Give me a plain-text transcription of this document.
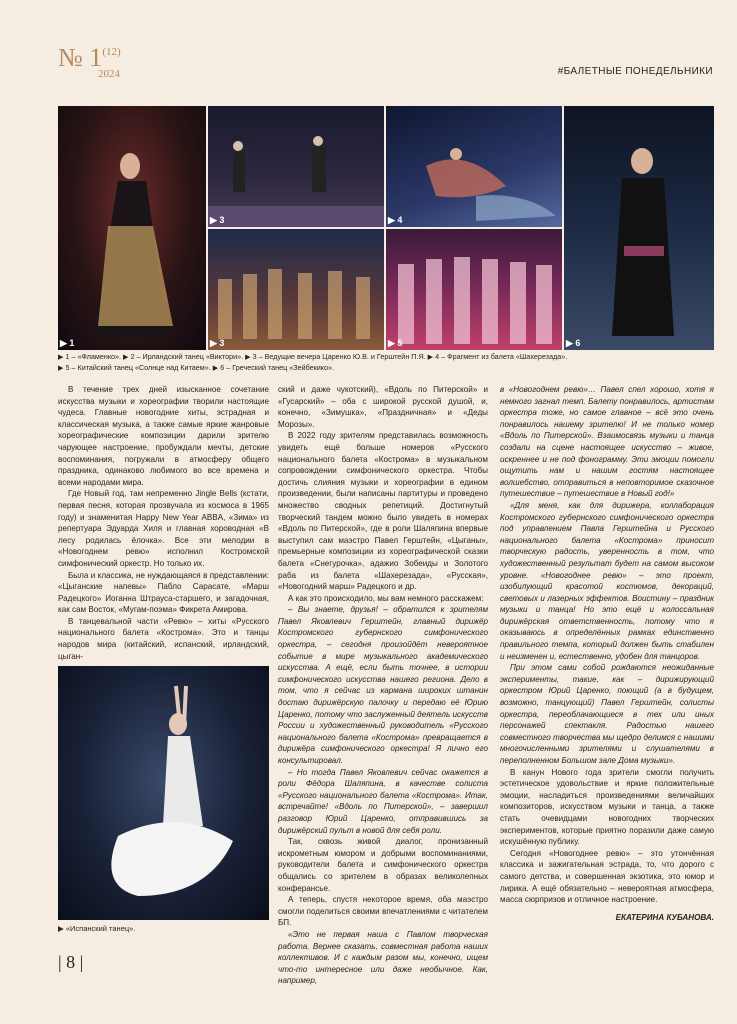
№ 1$^{(12)}$
2024	#БАЛЕТНЫЕ ПОНЕДЕЛЬНИКИ
▶ 1
▶ 3	▶ 4
▶ 6
▶ 3	▶ 5
▶ 1 – «Фламенко». ▶ 2 – Ирландский танец «Виктори». ▶ 3 – Ведущие вечера Царенко Ю.В. и Герштейн П.Я. ▶ 4 – Фрагмент из балета «Шахерезада».
▶ 5 – Китайский танец «Солнце над Китаем». ▶ 6 – Греческий танец «Зейбекико».

В течение трех дней изысканное сочетание искусства музыки и хореографии творили настоящие чудеса. Главные новогодние хиты, эстрадная и классическая музыка, а также самые яркие жанровые хореографические композиции дарили зрителю чарующее настроение, пробуждали мечты, детские воспоминания, погружали в атмосферу общего праздника, одинаково любимого во все времена и всеми народами мира.

Где Новый год, там непременно Jingle Bells (кстати, первая песня, которая прозвучала из космоса в 1965 году) и знаменитая Happy New Year ABBA, «Зима» из репертуара Эдуарда Хиля и главная хороводная «В лесу родилась ёлочка». Все эти мелодии в «Новогоднем ревю» исполнил Костромской симфонический оркестр. Но только их.

Была и классика, не нуждающаяся в представлении: «Цыганские напевы» Пабло Сарасате, «Марш Радецкого» Иоганна Штрауса-старшего, и загадочная, как сам Восток, «Мугам-поэма» Фикрета Амирова.

В танцевальной части «Ревю» – хиты «Русского национального балета «Кострома». Это и танцы народов мира (китайский, испанский, ирландский, цыган-

▶ «Испанский танец».

ский и даже чукотский), «Вдоль по Питерской» и «Гусарский» – оба с широкой русской душой, и, конечно, «Зимушка», «Праздничная» и «Деды Морозы».

В 2022 году зрителям представилась возможность увидеть ещё больше номеров «Русского национального балета «Кострома» в музыкальном сопровождении симфонического оркестра. Чтобы достичь слияния музыки и хореографии в едином произведении, были написаны партитуры и проведено множество сводных репетиций. Достигнутый творческий тандем можно было увидеть в номерах «Вдоль по Питерской», где в роли Шаляпина впервые выступил сам маэстро Павел Герштейн, «Цыганы», премьерные композиции из хореографической сказки балета «Снегурочка», адажио Зобеиды и Золотого раба из балета «Шахерезада», «Русская», «Новогодний марш» Радецкого и др.

А как это происходило, мы вам немного расскажем:

– Вы знаете, друзья! – обратился к зрителям Павел Яковлевич Герштейн, главный дирижёр Костромского губернского симфонического оркестра, – сегодня произойдёт невероятное событие в мире музыкального академического искусства. А ещё, если быть точнее, в истории симфонического искусства нашего региона. Дело в том, что я сейчас из кармана широких штанин достаю дирижёрскую палочку и передаю её Юрию Царенко, потому что заслуженный деятель искусств России и художественный руководитель «Русского национального балета «Кострома» превращается в дирижёра симфонического оркестра! Я лично его консультировал.

– Но тогда Павел Яковлевич сейчас окажется в роли Фёдора Шаляпина, в качестве солиста «Русского национального балета «Кострома». Итак, встречайте! «Вдоль по Питерской», – завершил разговор Юрий Царенко, отправившись за дирижёрский пульт в новой для себя роли.

Так, сквозь живой диалог, пронизанный искрометным юмором и добрыми воспоминаниями, руководители балета и симфонического оркестра общались со зрителем в образах великолепных конферансье.

А теперь, спустя некоторое время, оба маэстро смогли поделиться своими впечатлениями с читателем БП.

«Это не первая наша с Павлом творческая работа. Вернее сказать, совместная работа наших коллективов. И с каждым разом мы, конечно, ищем что-то интересное или даже необычное. Как, например,

в «Новогоднем ревю»… Павел спел хорошо, хотя я немного загнал темп. Балету понравилось, артистам оркестра тоже, но самое главное – всё это очень понравилось нашему зрителю! И не только номер «Вдоль по Питерской». Взаимосвязь музыки и танца создали на сцене настоящее искусство – живое, искреннее и не под фонограмму. Эти эмоции помогли ощутить нам и нашим гостям настоящее волшебство, отправиться в неповторимое сказочное путешествие – путешествие в Новый год!»

«Для меня, как для дирижера, коллаборация Костромского губернского симфонического оркестра под управлением Павла Герштейна и Русского национального балета «Кострома» приносит творческую радость, уверенность в том, что художественный результат будет на самом высоком уровне. «Новогоднее ревю» – это проект, изобилующий красотой костюмов, декораций, световых и лазерных эффектов. Воистину – праздник музыки и танца! Но это ещё и колоссальная дирижёрская ответственность, потому что я оказываюсь в определённых рамках единственно правильного темпа, который должен быть стабилен и неизменен и, естественно, удобен для танцоров.

При этом сами собой рождаются неожиданные эксперименты, такие, как – дирижирующий оркестром Юрий Царенко, поющий (а в будущем, возможно, танцующий) Павел Герштейн, солисты оркестра, переоблачающиеся в тех или иных персонажей спектакля. Радостью нашего совместного творчества мы щедро делимся с нашими многочисленными зрителями и слушателями в переполненном Большом зале Дома музыки».

В канун Нового года зрители смогли получить эстетическое удовольствие и яркие положительные эмоции, насладиться произведениями величайших композиторов, искусством музыки и танца, а также стать очевидцами новогодних творческих экспериментов, которые приятно поразили даже самую искушённую публику.

Сегодня «Новогоднее ревю» – это утончённая классика и зажигательная эстрада, то, что дорого с самого детства, и совершенная экзотика, это юмор и лирика. А ещё обязательно – невероятная атмосфера, масса сюрпризов и отличное настроение.

ЕКАТЕРИНА КУБАНОВА.

| 8 |
